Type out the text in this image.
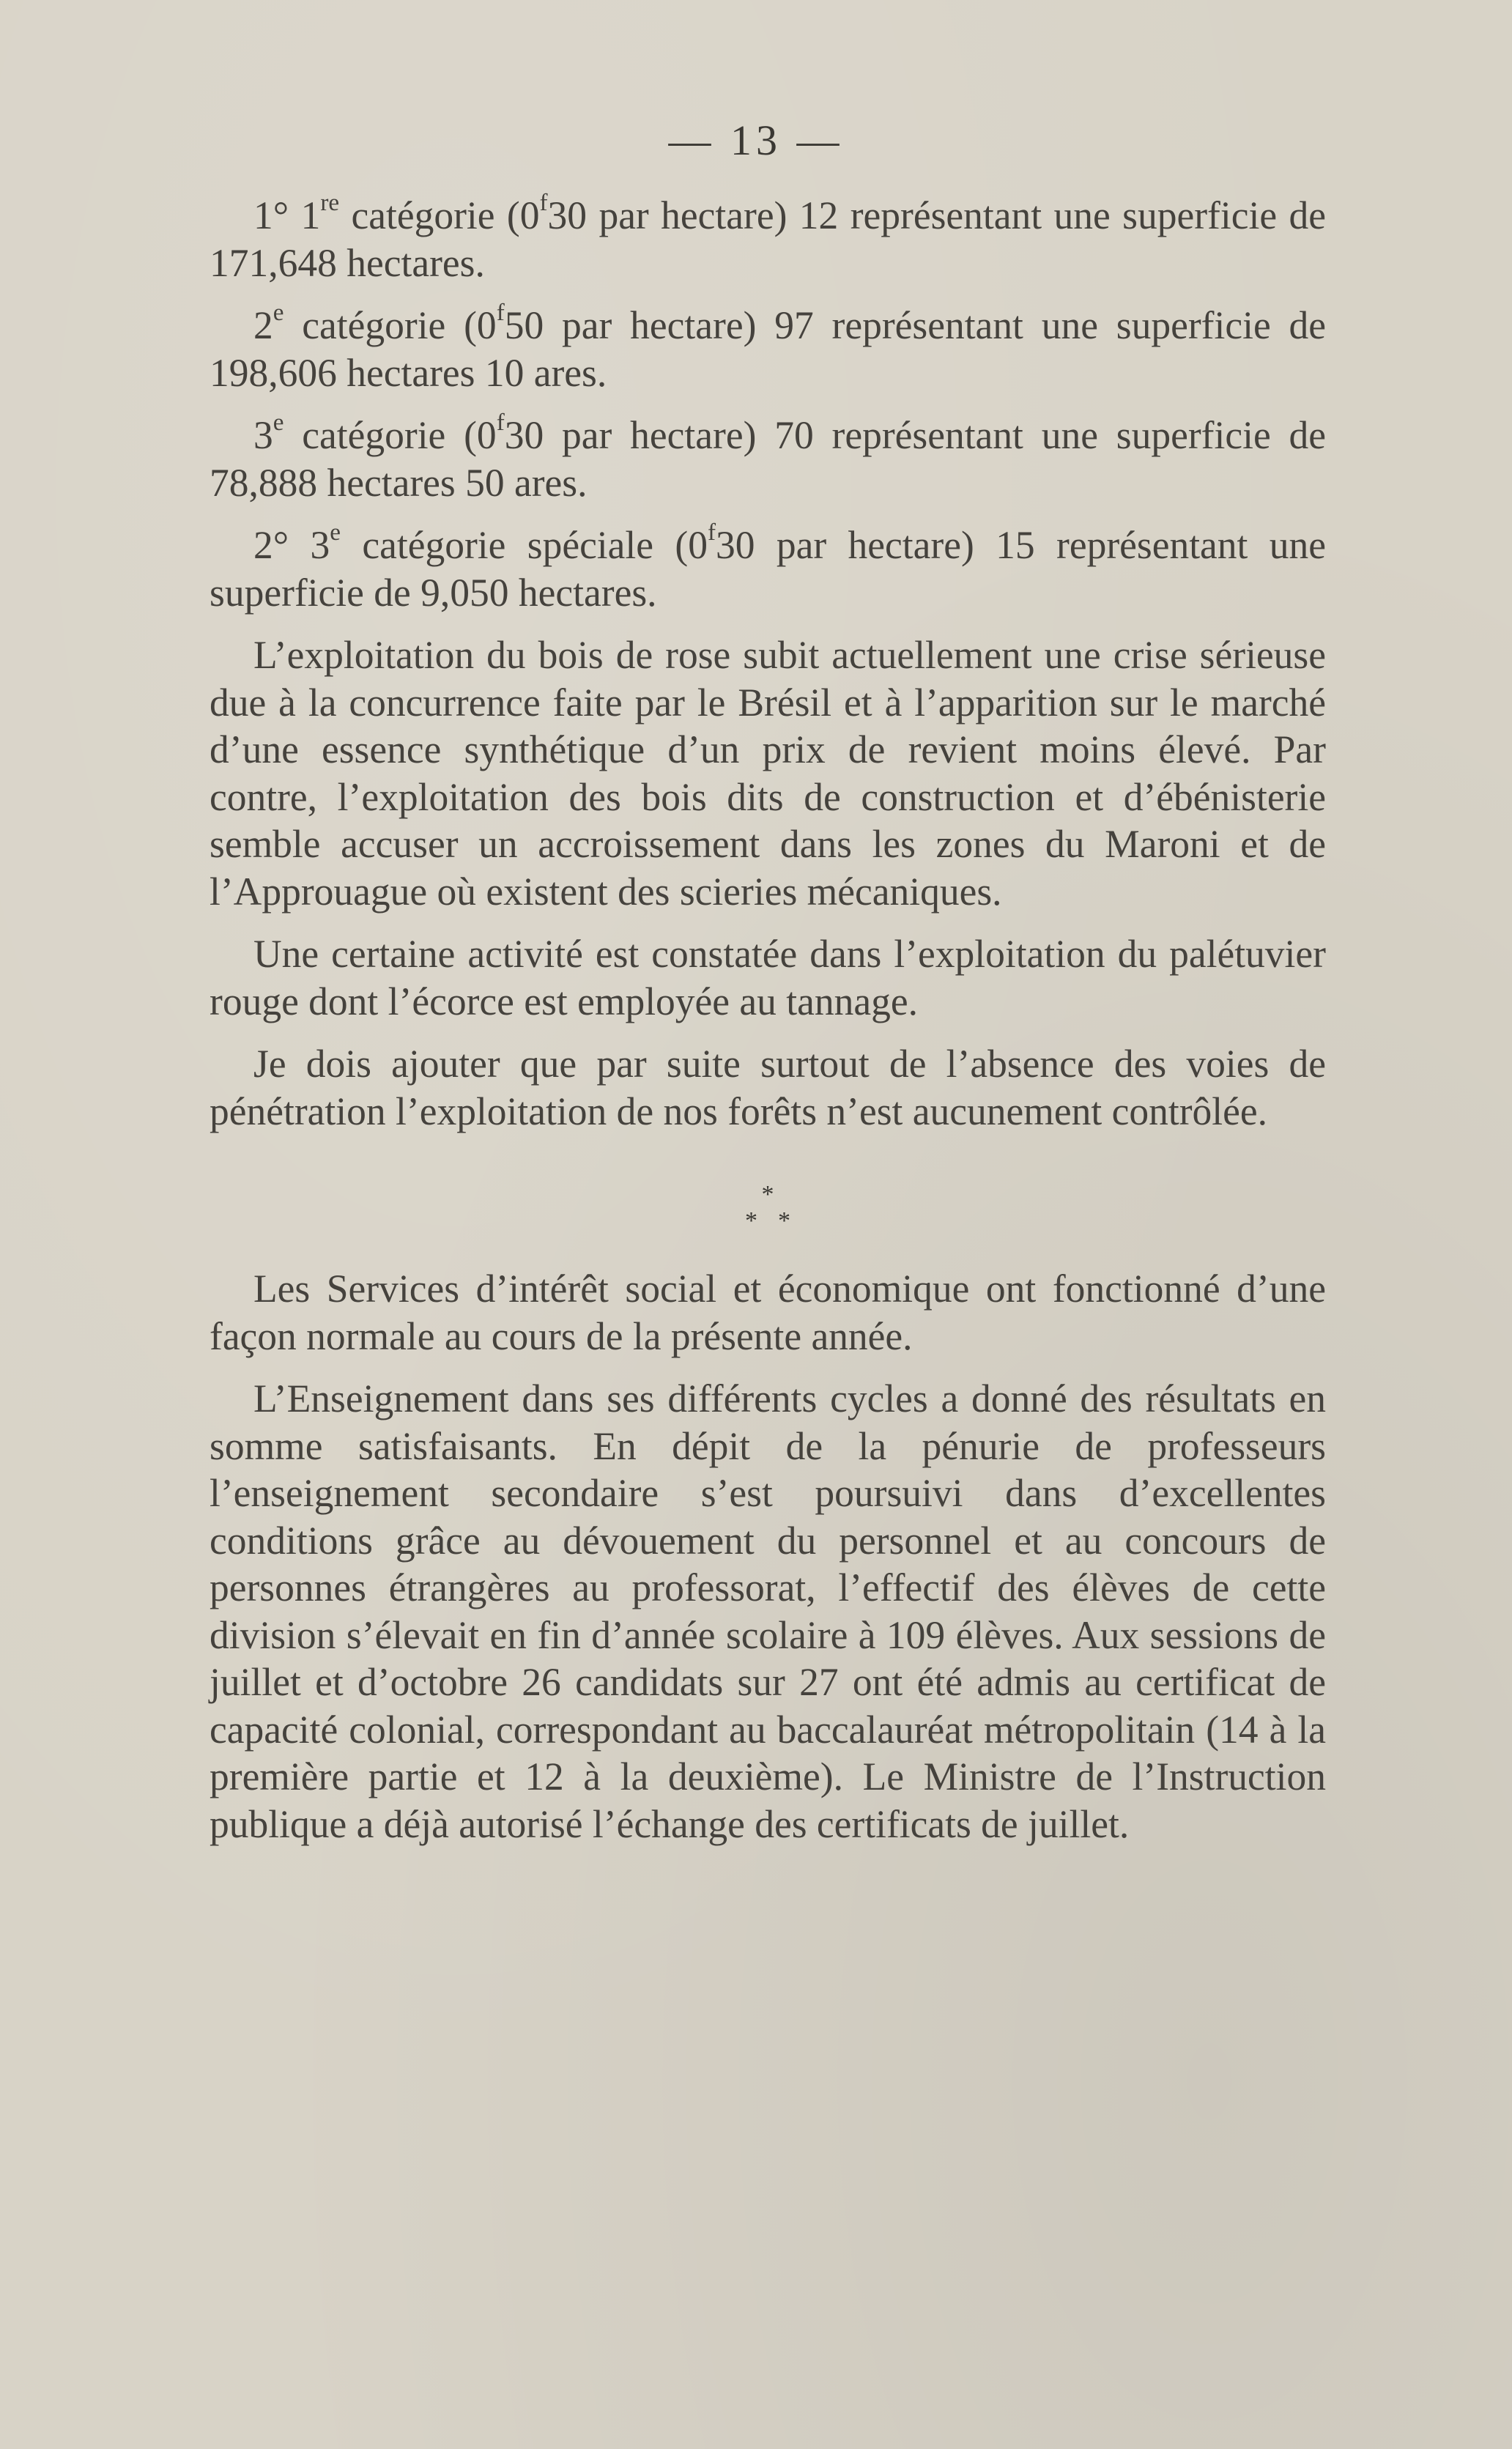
— 13 —

1° 1re catégorie (0$^f$30 par hectare) 12 représentant une superficie de 171,648 hectares.

2e catégorie (0$^f$50 par hectare) 97 représentant une superficie de 198,606 hectares 10 ares.

3e catégorie (0$^f$30 par hectare) 70 représentant une superficie de 78,888 hectares 50 ares.

2° 3e catégorie spéciale (0$^f$30 par hectare) 15 représentant une superficie de 9,050 hectares.

L’exploitation du bois de rose subit actuellement une crise sérieuse due à la concurrence faite par le Brésil et à l’apparition sur le marché d’une essence synthétique d’un prix de revient moins élevé. Par contre, l’exploitation des bois dits de construction et d’ébénisterie semble accuser un accroissement dans les zones du Maroni et de l’Approuague où existent des scieries mécaniques.

Une certaine activité est constatée dans l’exploitation du palétuvier rouge dont l’écorce est employée au tannage.

Je dois ajouter que par suite surtout de l’absence des voies de pénétration l’exploitation de nos forêts n’est aucunement contrôlée.

*
**

Les Services d’intérêt social et économique ont fonctionné d’une façon normale au cours de la présente année.

L’Enseignement dans ses différents cycles a donné des résultats en somme satisfaisants. En dépit de la pénurie de professeurs l’enseignement secondaire s’est poursuivi dans d’excellentes conditions grâce au dévouement du personnel et au concours de personnes étrangères au professorat, l’effectif des élèves de cette division s’élevait en fin d’année scolaire à 109 élèves. Aux sessions de juillet et d’octobre 26 candidats sur 27 ont été admis au certificat de capacité colonial, correspondant au baccalauréat métropolitain (14 à la première partie et 12 à la deuxième). Le Ministre de l’Instruction publique a déjà autorisé l’échange des certificats de juillet.
